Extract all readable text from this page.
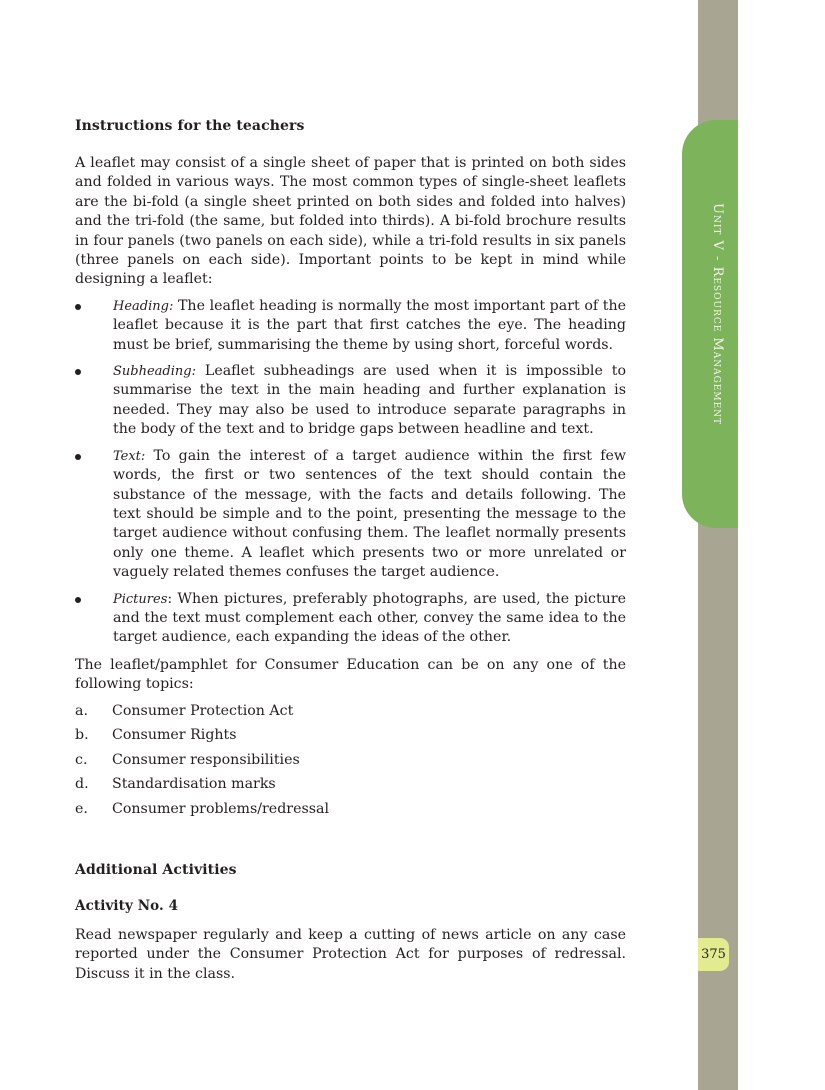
Unit V - Resource Management
375
Instructions for the teachers

A leaflet may consist of a single sheet of paper that is printed on both sides and folded in various ways. The most common types of single-sheet leaflets are the bi-fold (a single sheet printed on both sides and folded into halves) and the tri-fold (the same, but folded into thirds). A bi-fold brochure results in four panels (two panels on each side), while a tri-fold results in six panels (three panels on each side). Important points to be kept in mind while designing a leaflet:

Heading: The leaflet heading is normally the most important part of the leaflet because it is the part that first catches the eye. The heading must be brief, summarising the theme by using short, forceful words.
Subheading: Leaflet subheadings are used when it is impossible to summarise the text in the main heading and further explanation is needed. They may also be used to introduce separate paragraphs in the body of the text and to bridge gaps between headline and text.
Text: To gain the interest of a target audience within the first few words, the first or two sentences of the text should contain the substance of the message, with the facts and details following. The text should be simple and to the point, presenting the message to the target audience without confusing them. The leaflet normally presents only one theme. A leaflet which presents two or more unrelated or vaguely related themes confuses the target audience.
Pictures: When pictures, preferably photographs, are used, the picture and the text must complement each other, convey the same idea to the target audience, each expanding the ideas of the other.

The leaflet/pamphlet for Consumer Education can be on any one of the following topics:

a. Consumer Protection Act
b. Consumer Rights
c. Consumer responsibilities
d. Standardisation marks
e. Consumer problems/redressal
Additional Activities
Activity No. 4

Read newspaper regularly and keep a cutting of news article on any case reported under the Consumer Protection Act for purposes of redressal. Discuss it in the class.
